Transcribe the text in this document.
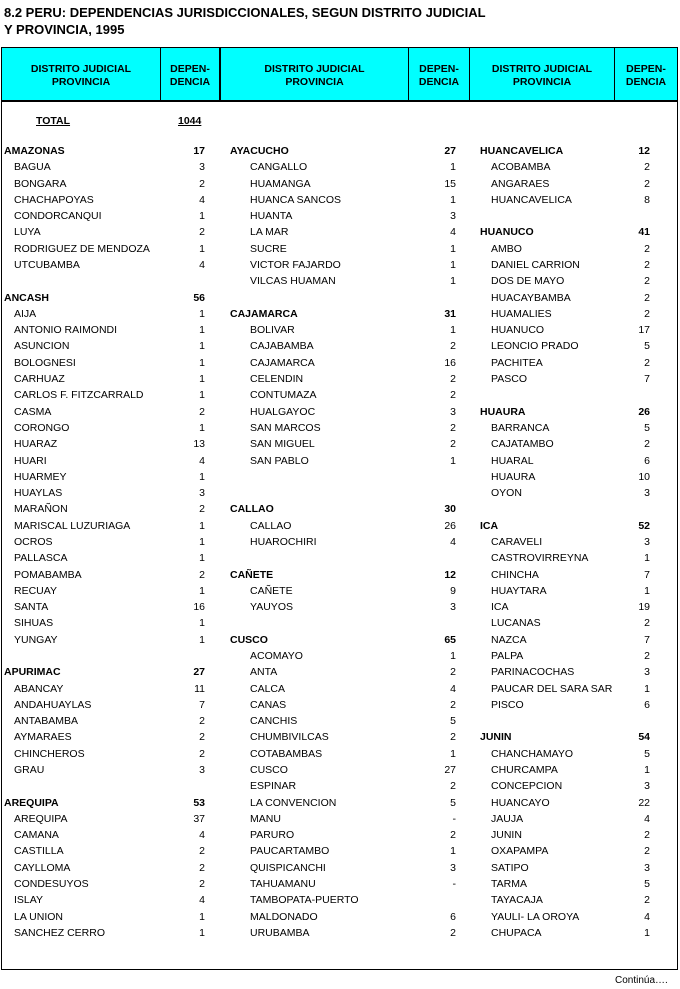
8.2 PERU: DEPENDENCIAS JURISDICCIONALES, SEGUN DISTRITO JUDICIAL
Y PROVINCIA, 1995
DISTRITO JUDICIAL
PROVINCIA
DEPEN-
DENCIA
DISTRITO JUDICIAL
PROVINCIA
DEPEN-
DENCIA
DISTRITO JUDICIAL
PROVINCIA
DEPEN-
DENCIA
TOTAL	1044
AMAZONAS	17
BAGUA	3
BONGARA	2
CHACHAPOYAS	4
CONDORCANQUI	1
LUYA	2
RODRIGUEZ DE MENDOZA	1
UTCUBAMBA	4
ANCASH	56
AIJA	1
ANTONIO RAIMONDI	1
ASUNCION	1
BOLOGNESI	1
CARHUAZ	1
CARLOS F. FITZCARRALD	1
CASMA	2
CORONGO	1
HUARAZ	13
HUARI	4
HUARMEY	1
HUAYLAS	3
MARAÑON	2
MARISCAL LUZURIAGA	1
OCROS	1
PALLASCA	1
POMABAMBA	2
RECUAY	1
SANTA	16
SIHUAS	1
YUNGAY	1
APURIMAC	27
ABANCAY	11
ANDAHUAYLAS	7
ANTABAMBA	2
AYMARAES	2
CHINCHEROS	2
GRAU	3
AREQUIPA	53
AREQUIPA	37
CAMANA	4
CASTILLA	2
CAYLLOMA	2
CONDESUYOS	2
ISLAY	4
LA UNION	1
SANCHEZ CERRO	1
AYACUCHO	27
CANGALLO	1
HUAMANGA	15
HUANCA SANCOS	1
HUANTA	3
LA MAR	4
SUCRE	1
VICTOR FAJARDO	1
VILCAS HUAMAN	1
CAJAMARCA	31
BOLIVAR	1
CAJABAMBA	2
CAJAMARCA	16
CELENDIN	2
CONTUMAZA	2
HUALGAYOC	3
SAN MARCOS	2
SAN MIGUEL	2
SAN PABLO	1
CALLAO	30
CALLAO	26
HUAROCHIRI	4
CAÑETE	12
CAÑETE	9
YAUYOS	3
CUSCO	65
ACOMAYO	1
ANTA	2
CALCA	4
CANAS	2
CANCHIS	5
CHUMBIVILCAS	2
COTABAMBAS	1
CUSCO	27
ESPINAR	2
LA CONVENCION	5
MANU	-
PARURO	2
PAUCARTAMBO	1
QUISPICANCHI	3
TAHUAMANU	-
TAMBOPATA-PUERTO
MALDONADO	6
URUBAMBA	2
HUANCAVELICA	12
ACOBAMBA	2
ANGARAES	2
HUANCAVELICA	8
HUANUCO	41
AMBO	2
DANIEL CARRION	2
DOS DE MAYO	2
HUACAYBAMBA	2
HUAMALIES	2
HUANUCO	17
LEONCIO PRADO	5
PACHITEA	2
PASCO	7
HUAURA	26
BARRANCA	5
CAJATAMBO	2
HUARAL	6
HUAURA	10
OYON	3
ICA	52
CARAVELI	3
CASTROVIRREYNA	1
CHINCHA	7
HUAYTARA	1
ICA	19
LUCANAS	2
NAZCA	7
PALPA	2
PARINACOCHAS	3
PAUCAR DEL SARA SAR	1
PISCO	6
JUNIN	54
CHANCHAMAYO	5
CHURCAMPA	1
CONCEPCION	3
HUANCAYO	22
JAUJA	4
JUNIN	2
OXAPAMPA	2
SATIPO	3
TARMA	5
TAYACAJA	2
YAULI- LA OROYA	4
CHUPACA	1
Continúa….
